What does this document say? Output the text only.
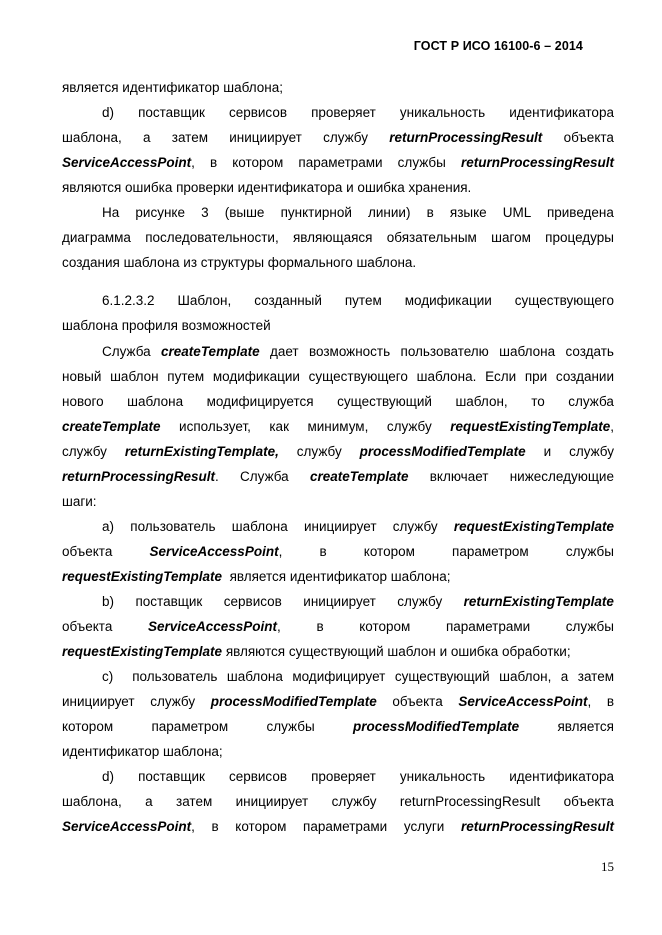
ГОСТ Р ИСО 16100-6 – 2014
является идентификатор шаблона;
d) поставщик сервисов проверяет уникальность идентификатора
шаблона, а затем инициирует службу returnProcessingResult объекта
ServiceAccessPoint, в котором параметрами службы returnProcessingResult
являются ошибка проверки идентификатора и ошибка хранения.
На рисунке 3 (выше пунктирной линии) в языке UML приведена
диаграмма последовательности, являющаяся обязательным шагом процедуры
создания шаблона из структуры формального шаблона.
6.1.2.3.2 Шаблон, созданный путем модификации существующего
шаблона профиля возможностей
Служба createTemplate дает возможность пользователю шаблона создать
новый шаблон путем модификации существующего шаблона. Если при создании
нового шаблона модифицируется существующий шаблон, то служба
createTemplate использует, как минимум, службу requestExistingTemplate,
службу returnExistingTemplate, службу processModifiedTemplate и службу
returnProcessingResult. Служба createTemplate включает нижеследующие
шаги:
а) пользователь шаблона инициирует службу requestExistingTemplate
объекта	ServiceAccessPoint,	в	котором	параметром	службы
requestExistingTemplate является идентификатор шаблона;
b) поставщик сервисов инициирует службу returnExistingTemplate
объекта	ServiceAccessPoint,	в	котором	параметрами	службы
requestExistingTemplate являются существующий шаблон и ошибка обработки;
с) пользователь шаблона модифицирует существующий шаблон, а затем
инициирует службу processModifiedTemplate объекта ServiceAccessPoint, в
котором	параметром	службы	processModifiedTemplate	является
идентификатор шаблона;
d) поставщик сервисов проверяет уникальность идентификатора
шаблона, а затем инициирует службу returnProcessingResult объекта
ServiceAccessPoint, в котором параметрами услуги returnProcessingResult
15
